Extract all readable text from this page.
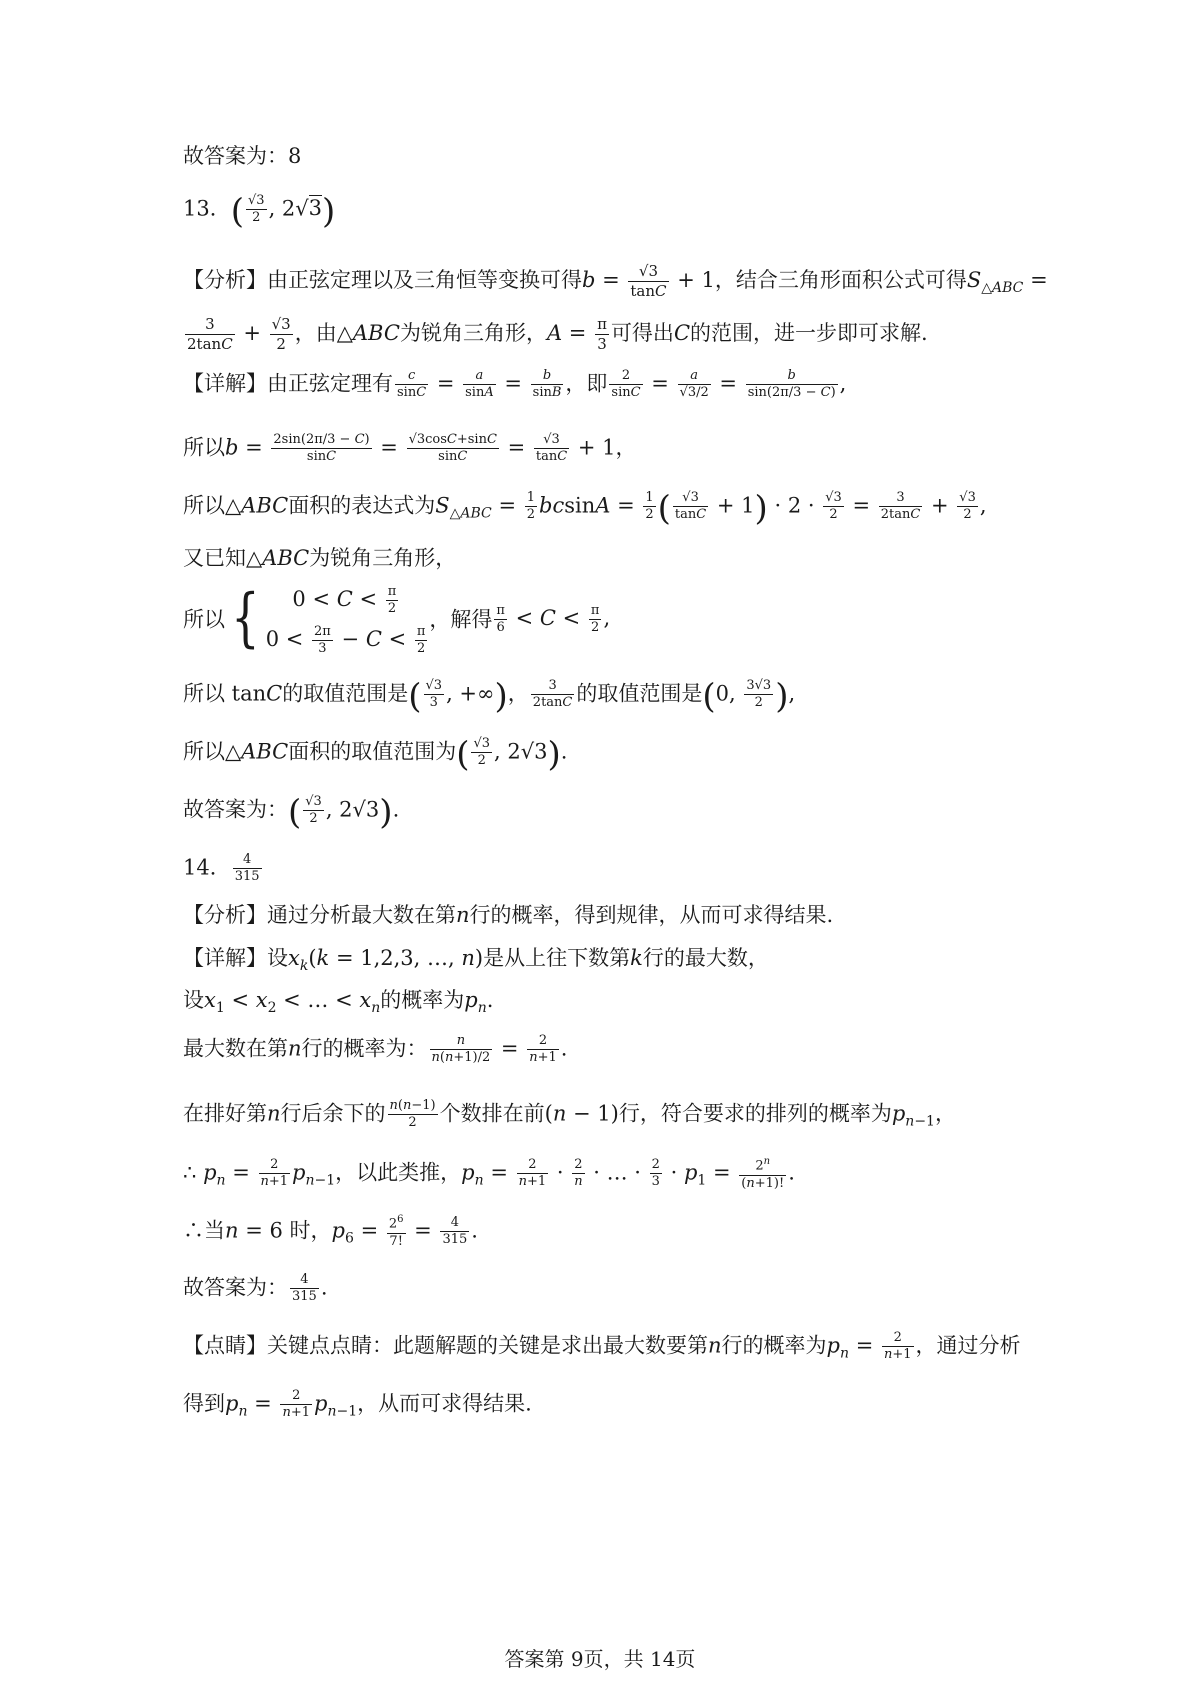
故答案为：8
13．( $\frac{√3}{2}$ , 2√3)
【分析】由正弦定理以及三角恒等变换可得$b = \frac{√3}{\tan C} + 1$，结合三角形面积公式可得$S_{\triangle ABC}$ =
$\frac{3}{2\tan C} + \frac{√3}{2}$ ，由△ABC为锐角三角形，$A = \frac{\pi}{3}$ 可得出C的范围，进一步即可求解.
【详解】由正弦定理有 $\frac{c}{\sin C} = \frac{a}{\sin A} = \frac{b}{\sin B}$ ，即 $\frac{2}{\sin C} = \frac{a}{√3/2} = \frac{b}{\sin(2\pi/3 - C)}$ ,
所以$b = \frac{2\sin(2\pi/3 - C)}{\sin C} = \frac{√3\cos C+\sin C}{\sin C} = \frac{√3}{\tan C} + 1$，
所以△ABC面积的表达式为$S_{\triangle ABC} = \frac{1}{2}$ $bcsinA = \frac{1}{2}$ ( $\frac{√3}{\tan C} + 1) \cdot 2 \cdot \frac{√3}{2} = \frac{3}{2\tan C} + \frac{√3}{2}$ ,
又已知△ABC为锐角三角形，
所以{ $0 < C < \frac{\pi}{2}$
$0 < \frac{2\pi}{3} - C < \frac{\pi}{2}$
，解得 $\frac{\pi}{6} < C < \frac{\pi}{2}$ ,
所以 tanC的取值范围是( $\frac{√3}{3}$ , +∞)， $\frac{3}{2\tan C}$ 的取值范围是(0, $\frac{3√3}{2}$ ),
所以△ABC面积的取值范围为( $\frac{√3}{2}$ , 2√3).
故答案为：( $\frac{√3}{2}$ , 2√3).
14． $\frac{4}{315}$
【分析】通过分析最大数在第n行的概率，得到规律，从而可求得结果.
【详解】设$x_k(k = 1,2,3$, …, n)是从上往下数第k行的最大数，
设$x_1 < x_2$ < … < $x_n$的概率为$p_n$.
最大数在第n行的概率为： $\frac{n}{n(n+1)/2} = \frac{2}{n+1}$ .
在排好第n行后余下的 $\frac{n(n-1)}{2}$ 个数排在前(n − 1)行，符合要求的排列的概率为$p_{n-1}$，
∴ $p_n = \frac{2}{n+1} p_{n-1}$，以此类推，$p_n = \frac{2}{n+1} \cdot \frac{2}{n}$ · … · $\frac{2}{3} \cdot p_1 = \frac{2^n}{(n+1)!}$ .
∴当n = 6 时，$p_6 = \frac{2^6}{7!} = \frac{4}{315}$ .
故答案为： $\frac{4}{315}$ .
【点睛】关键点点睛：此题解题的关键是求出最大数要第n行的概率为$p_n = \frac{2}{n+1}$ ，通过分析
得到$p_n = \frac{2}{n+1} p_{n-1}$，从而可求得结果.
答案第 9页，共 14页
